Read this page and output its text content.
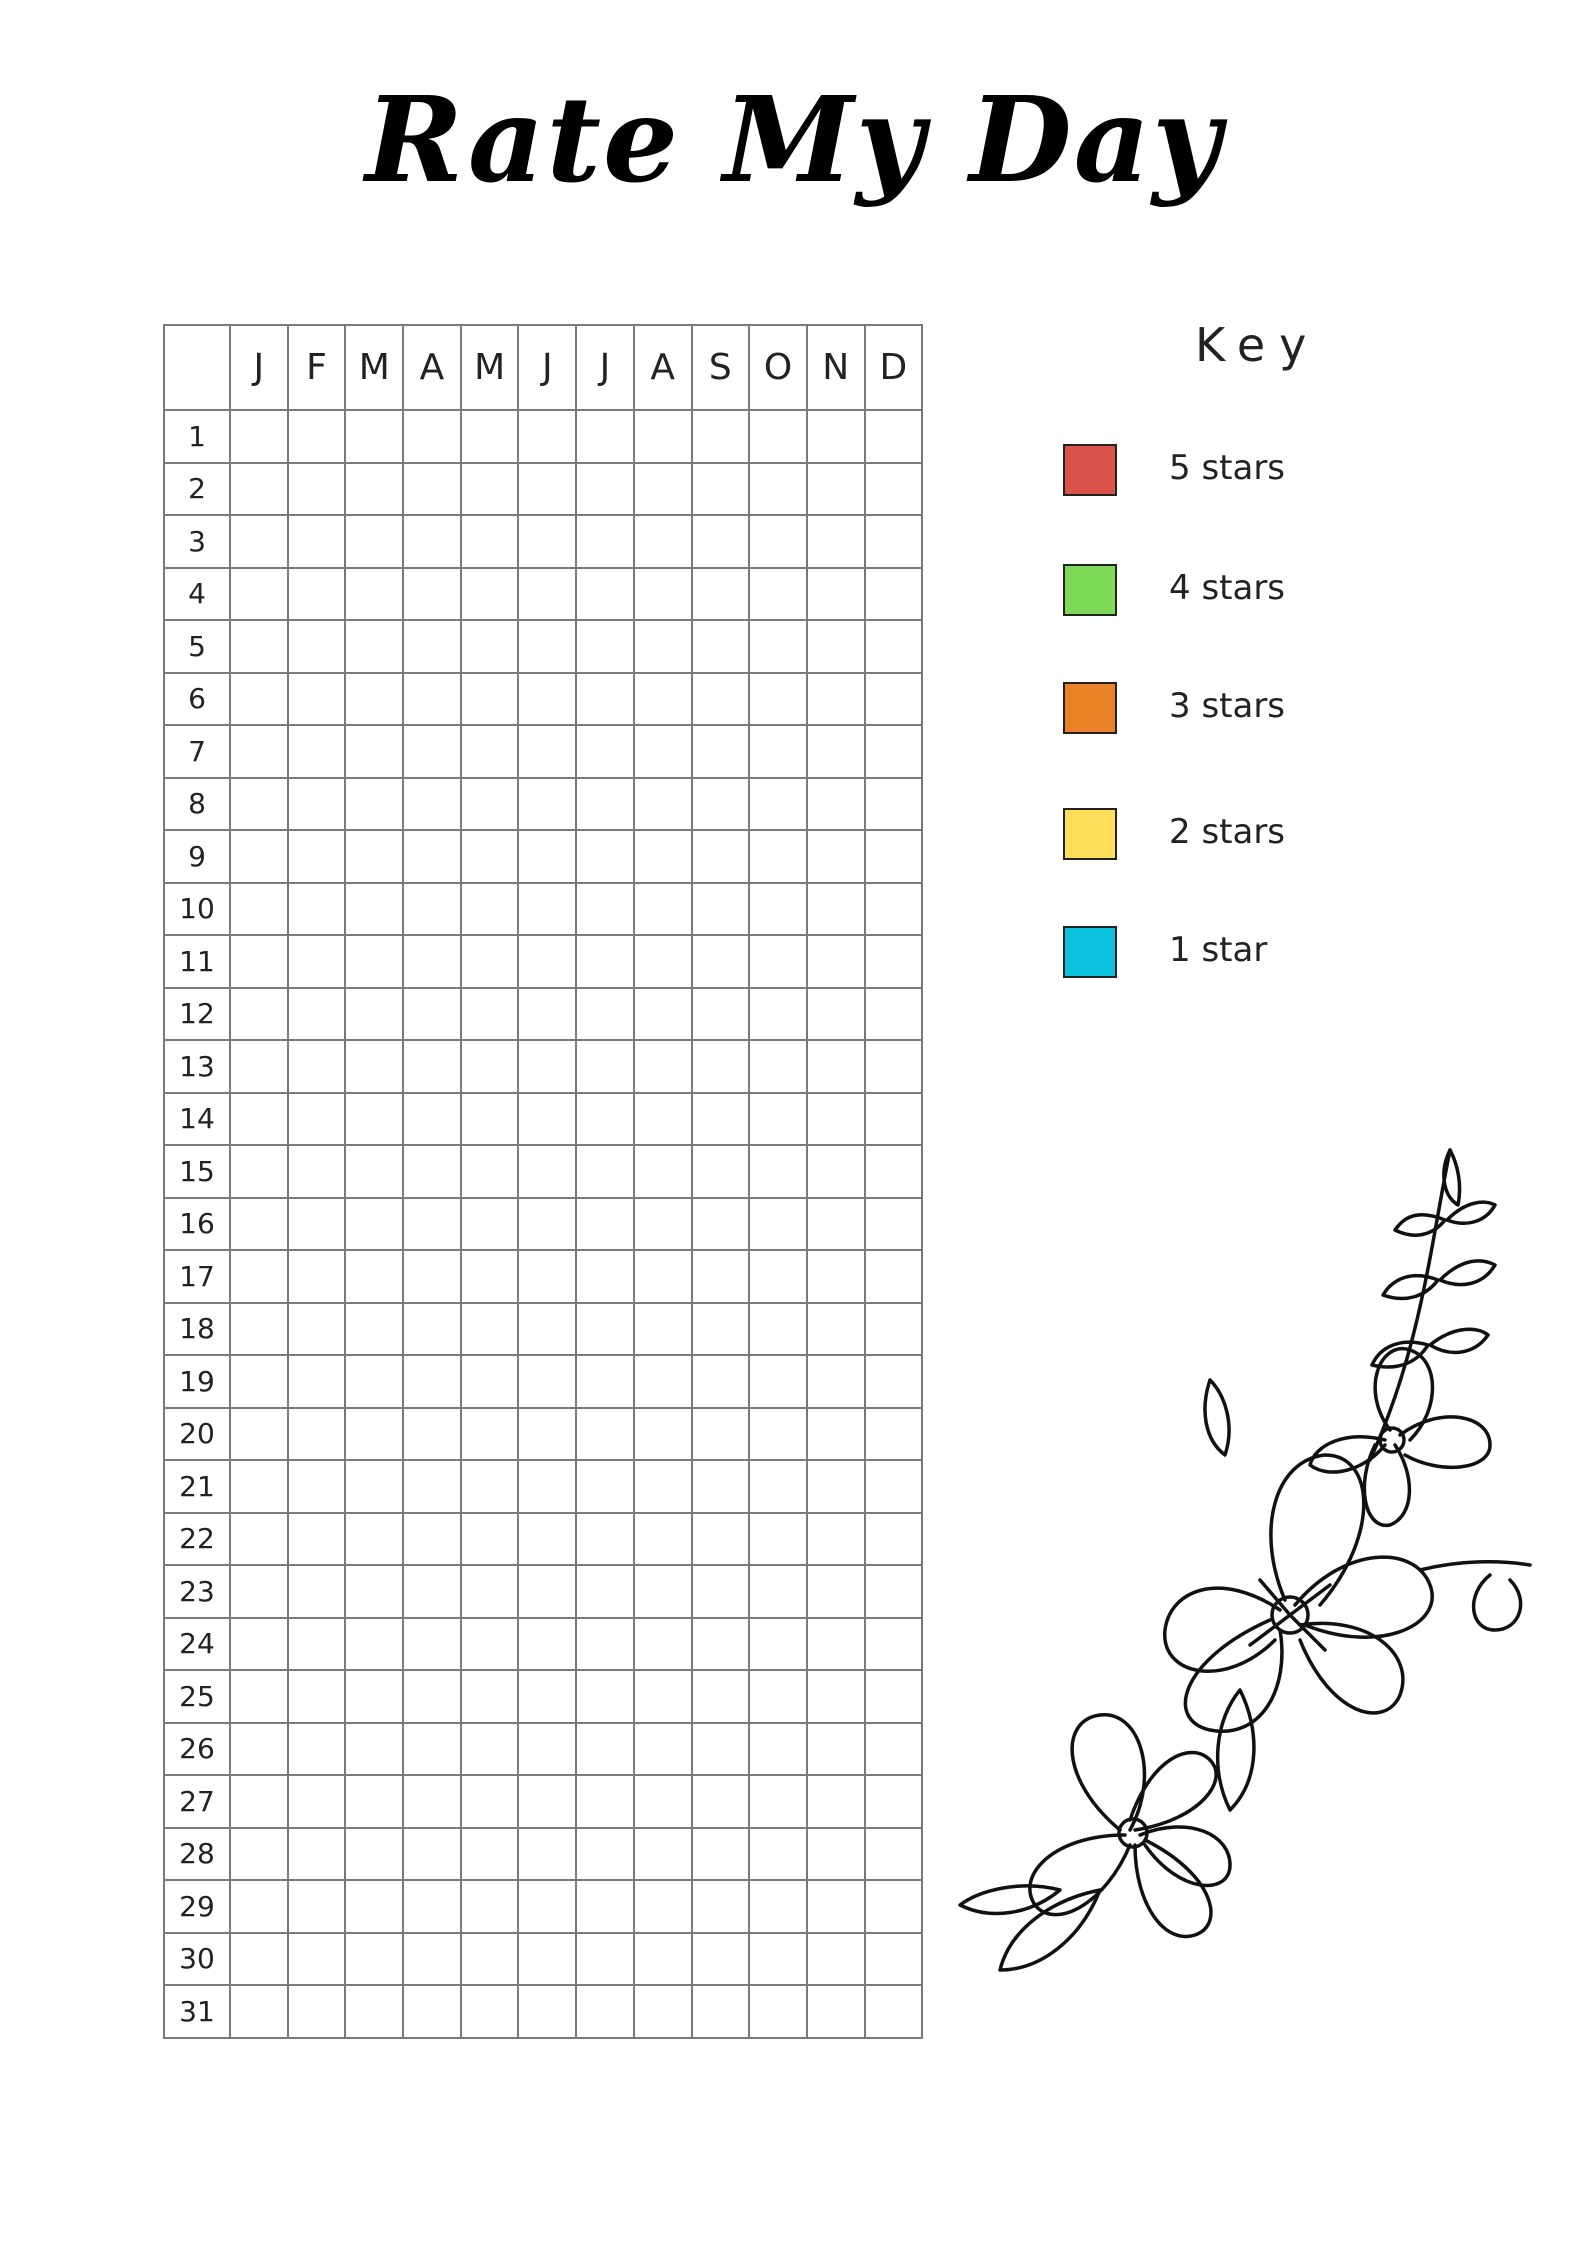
Rate My Day
	J	F	M	A	M	J	J	A	S	O	N	D
1												
2												
3												
4												
5												
6												
7												
8												
9												
10												
11												
12												
13												
14												
15												
16												
17												
18												
19												
20												
21												
22												
23												
24												
25												
26												
27												
28												
29												
30												
31												
Key
5 stars
4 stars
3 stars
2 stars
1 star
